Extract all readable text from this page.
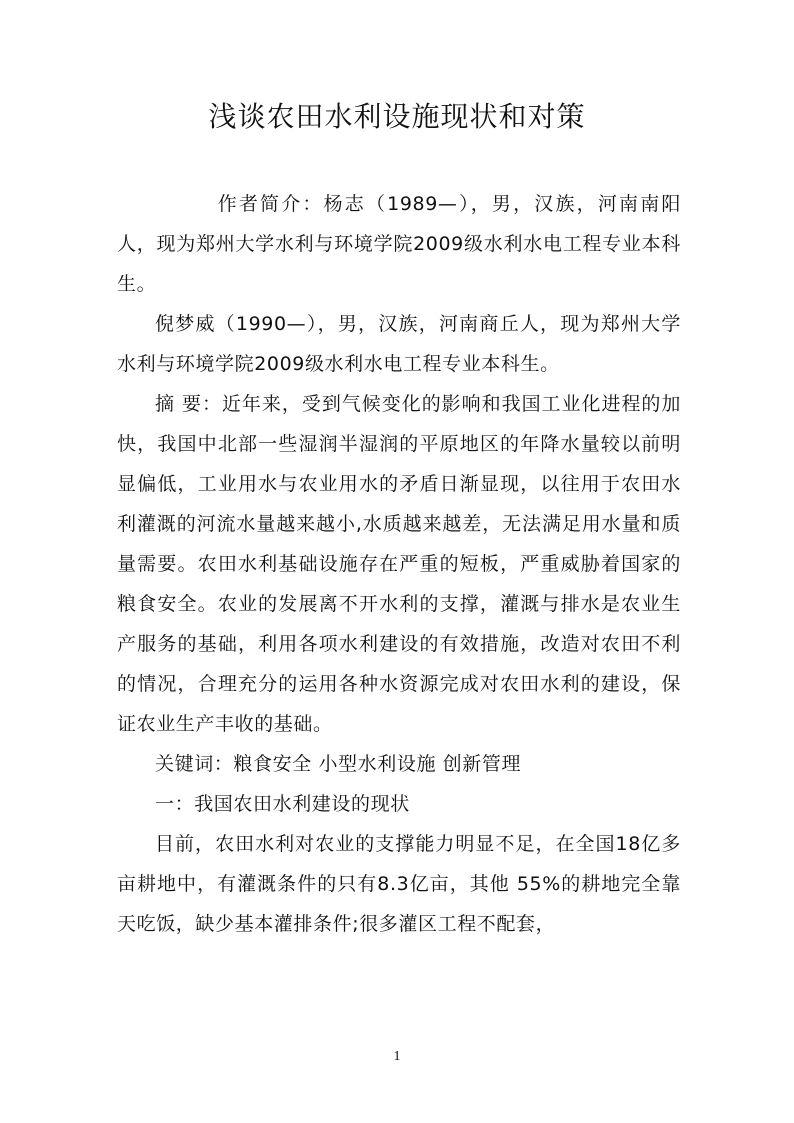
浅谈农田水利设施现状和对策

作者简介：杨志（1989—），男，汉族，河南南阳人，现为郑州大学水利与环境学院2009级水利水电工程专业本科生。

倪梦威（1990—），男，汉族，河南商丘人，现为郑州大学水利与环境学院2009级水利水电工程专业本科生。

摘 要：近年来，受到气候变化的影响和我国工业化进程的加快，我国中北部一些湿润半湿润的平原地区的年降水量较以前明显偏低，工业用水与农业用水的矛盾日渐显现，以往用于农田水利灌溉的河流水量越来越小,水质越来越差，无法满足用水量和质量需要。农田水利基础设施存在严重的短板，严重威胁着国家的粮食安全。农业的发展离不开水利的支撑，灌溉与排水是农业生产服务的基础，利用各项水利建设的有效措施，改造对农田不利的情况，合理充分的运用各种水资源完成对农田水利的建设，保证农业生产丰收的基础。

关键词：粮食安全 小型水利设施 创新管理

一：我国农田水利建设的现状

目前，农田水利对农业的支撑能力明显不足，在全国18亿多亩耕地中，有灌溉条件的只有8.3亿亩，其他 55%的耕地完全靠天吃饭，缺少基本灌排条件;很多灌区工程不配套，

1
